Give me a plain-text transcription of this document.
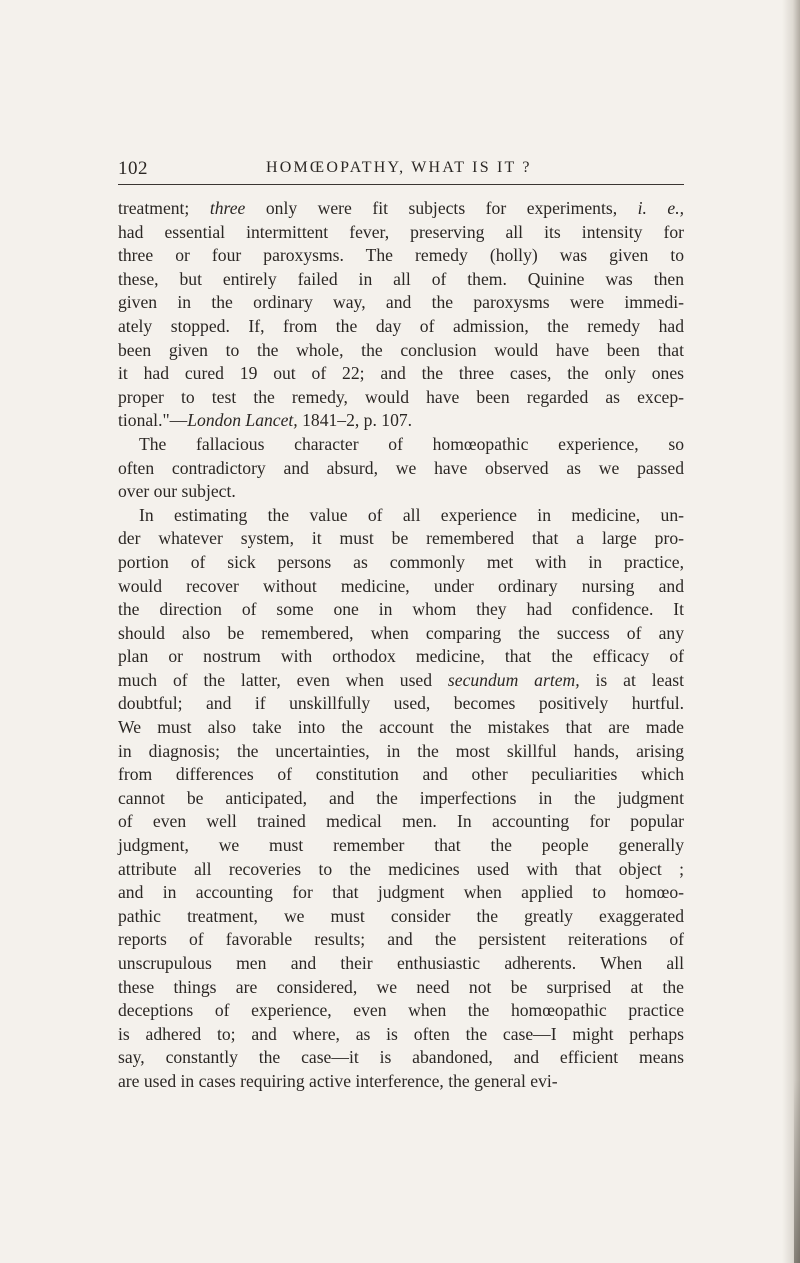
102	HOMŒOPATHY, WHAT IS IT ?
treatment; three only were fit subjects for experiments, i. e.,
had essential intermittent fever, preserving all its intensity for
three or four paroxysms. The remedy (holly) was given to
these, but entirely failed in all of them. Quinine was then
given in the ordinary way, and the paroxysms were immedi-
ately stopped. If, from the day of admission, the remedy had
been given to the whole, the conclusion would have been that
it had cured 19 out of 22; and the three cases, the only ones
proper to test the remedy, would have been regarded as excep-
tional."—London Lancet, 1841–2, p. 107.
The fallacious character of homœopathic experience, so
often contradictory and absurd, we have observed as we passed
over our subject.
In estimating the value of all experience in medicine, un-
der whatever system, it must be remembered that a large pro-
portion of sick persons as commonly met with in practice,
would recover without medicine, under ordinary nursing and
the direction of some one in whom they had confidence. It
should also be remembered, when comparing the success of any
plan or nostrum with orthodox medicine, that the efficacy of
much of the latter, even when used secundum artem, is at least
doubtful; and if unskillfully used, becomes positively hurtful.
We must also take into the account the mistakes that are made
in diagnosis; the uncertainties, in the most skillful hands, arising
from differences of constitution and other peculiarities which
cannot be anticipated, and the imperfections in the judgment
of even well trained medical men. In accounting for popular
judgment, we must remember that the people generally
attribute all recoveries to the medicines used with that object ;
and in accounting for that judgment when applied to homœo-
pathic treatment, we must consider the greatly exaggerated
reports of favorable results; and the persistent reiterations of
unscrupulous men and their enthusiastic adherents. When all
these things are considered, we need not be surprised at the
deceptions of experience, even when the homœopathic practice
is adhered to; and where, as is often the case—I might perhaps
say, constantly the case—it is abandoned, and efficient means
are used in cases requiring active interference, the general evi-
